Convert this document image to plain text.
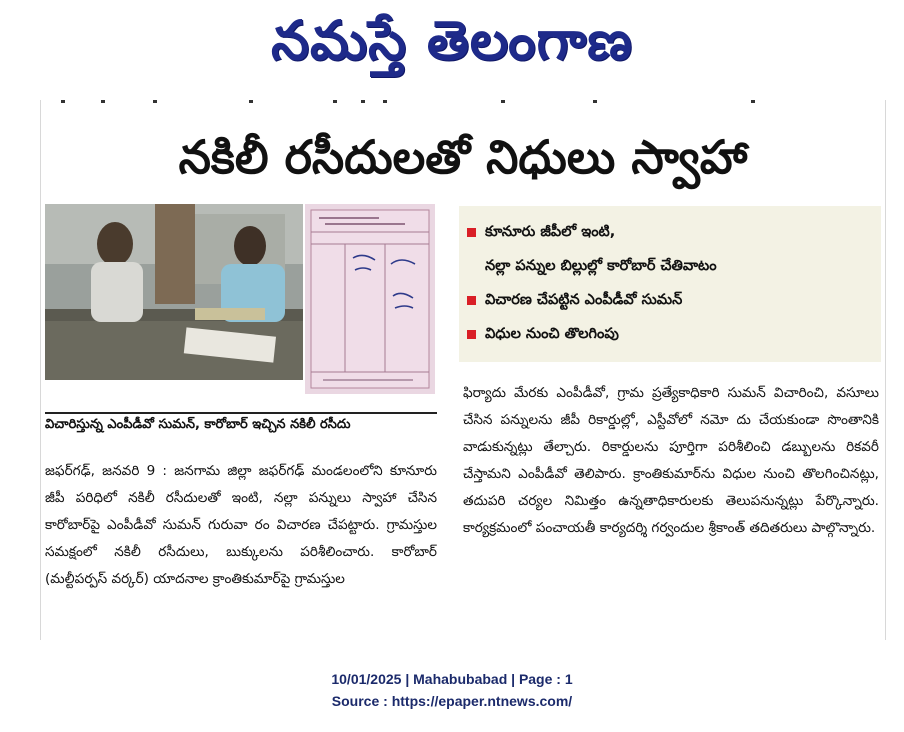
నమస్తే తెలంగాణ
నకిలీ రసీదులతో నిధులు స్వాహా
విచారిస్తున్న ఎంపీడీవో సుమన్, కారోబార్ ఇచ్చిన నకిలీ రసీదు
కూనూరు జీపీలో ఇంటి,
నల్లా పన్నుల బిల్లుల్లో కారోబార్ చేతివాటం
విచారణ చేపట్టిన ఎంపీడీవో సుమన్
విధుల నుంచి తొలగింపు
జఫర్‌గఢ్, జనవరి 9 : జనగామ జిల్లా జఫర్‌గఢ్ మండలంలోని కూనూరు జీపీ పరిధిలో నకిలీ రసీదులతో ఇంటి, నల్లా పన్నులు స్వాహా చేసిన కారోబార్‌పై ఎంపీడీవో సుమన్ గురువా రం విచారణ చేపట్టారు. గ్రామస్తుల సమక్షంలో నకిలీ రసీదులు, బుక్కులను పరిశీలించారు. కారోబార్ (మల్టీపర్పస్ వర్కర్) యాదనాల క్రాంతికుమార్‌పై గ్రామస్తుల
ఫిర్యాదు మేరకు ఎంపీడీవో, గ్రామ ప్రత్యేకాధికారి సుమన్ విచారించి, వసూలు చేసిన పన్నులను జీపీ రికార్డుల్లో, ఎస్టీవోలో నమో దు చేయకుండా సొంతానికి వాడుకున్నట్లు తేల్చారు. రికార్డులను పూర్తిగా పరిశీలించి డబ్బులను రికవరీ చేస్తామని ఎంపీడీవో తెలిపారు. క్రాంతికుమార్‌ను విధుల నుంచి తొలగించినట్లు, తదుపరి చర్యల నిమిత్తం ఉన్నతాధికారులకు తెలుపనున్నట్లు పేర్కొన్నారు. కార్యక్రమంలో పంచాయతీ కార్యదర్శి గర్వందుల శ్రీకాంత్ తదితరులు పాల్గొన్నారు.
10/01/2025 | Mahabubabad | Page : 1
Source : https://epaper.ntnews.com/
